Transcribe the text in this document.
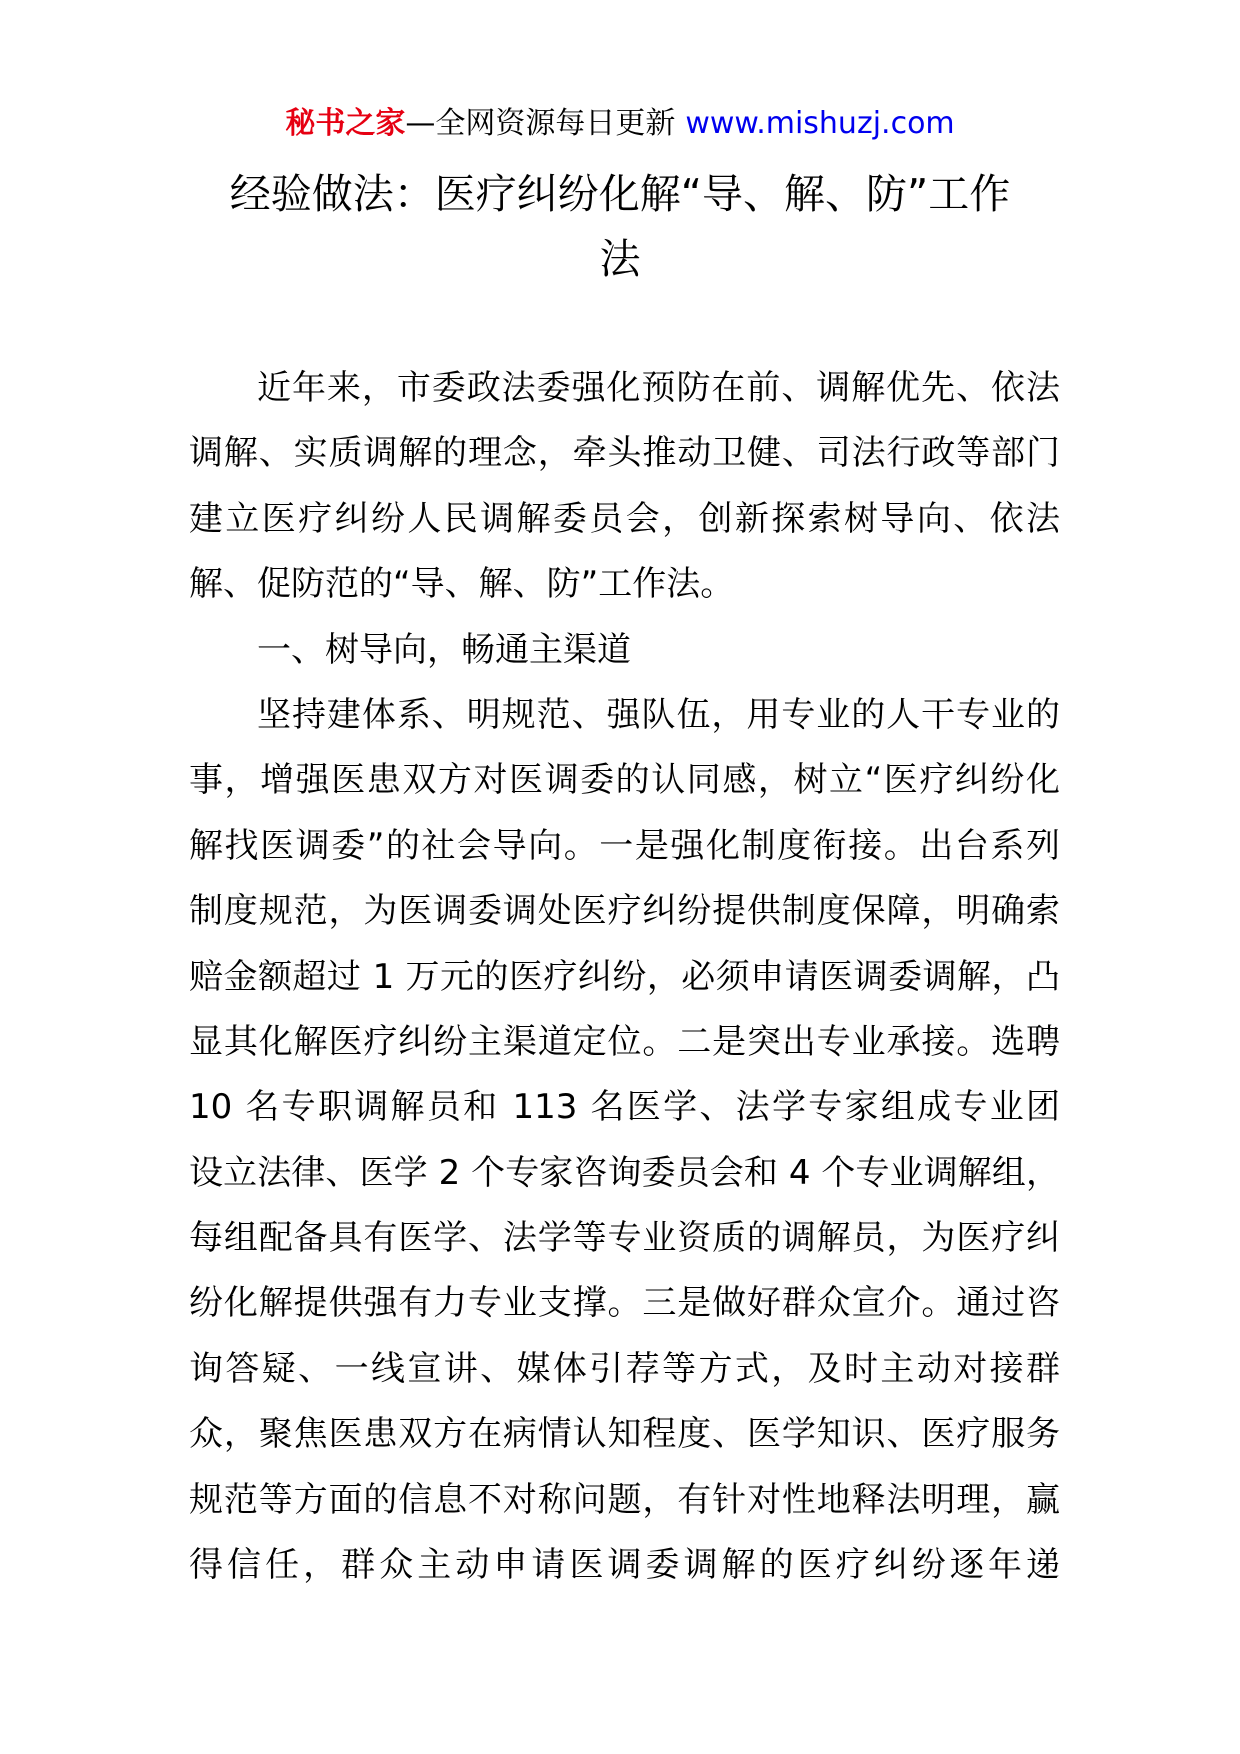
秘书之家—全网资源每日更新 www.mishuzj.com
经验做法：医疗纠纷化解“导、解、防”工作
法
近年来，市委政法委强化预防在前、调解优先、依法
调解、实质调解的理念，牵头推动卫健、司法行政等部门
建立医疗纠纷人民调解委员会，创新探索树导向、依法
解、促防范的“导、解、防”工作法。
一、树导向，畅通主渠道
坚持建体系、明规范、强队伍，用专业的人干专业的
事，增强医患双方对医调委的认同感，树立“医疗纠纷化
解找医调委”的社会导向。一是强化制度衔接。出台系列
制度规范，为医调委调处医疗纠纷提供制度保障，明确索
赔金额超过 1 万元的医疗纠纷，必须申请医调委调解，凸
显其化解医疗纠纷主渠道定位。二是突出专业承接。选聘
10 名专职调解员和 113 名医学、法学专家组成专业团
设立法律、医学 2 个专家咨询委员会和 4 个专业调解组，
每组配备具有医学、法学等专业资质的调解员，为医疗纠
纷化解提供强有力专业支撑。三是做好群众宣介。通过咨
询答疑、一线宣讲、媒体引荐等方式，及时主动对接群
众，聚焦医患双方在病情认知程度、医学知识、医疗服务
规范等方面的信息不对称问题，有针对性地释法明理，赢
得信任，群众主动申请医调委调解的医疗纠纷逐年递
